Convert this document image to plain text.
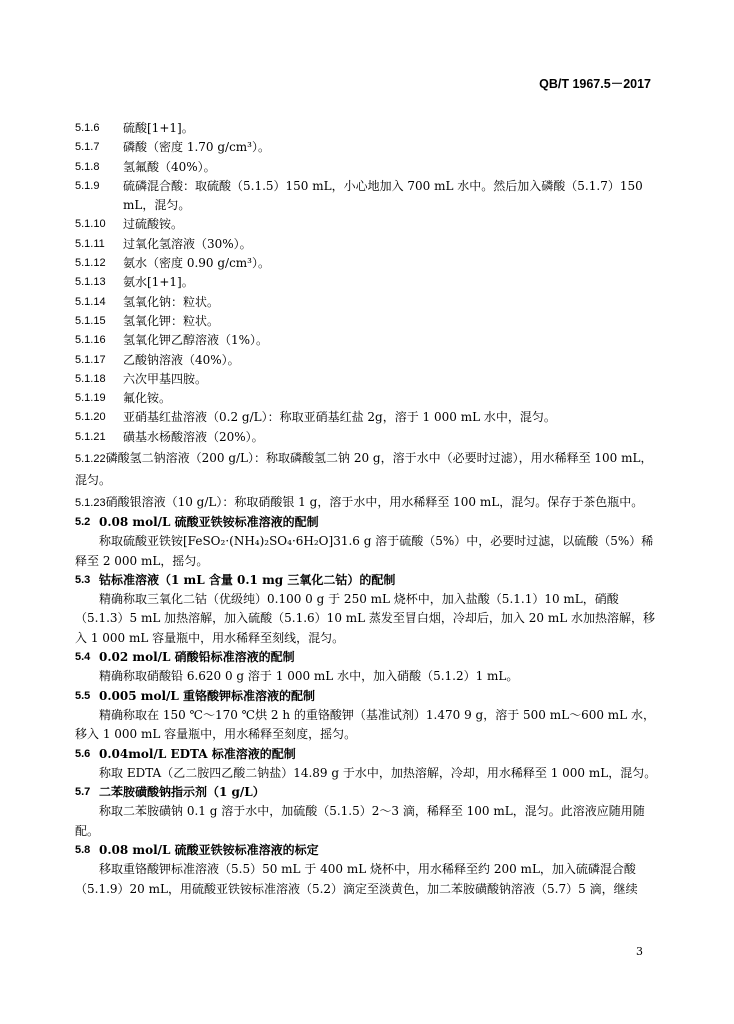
QB/T 1967.5－2017
5.1.6	硫酸[1+1]。
5.1.7	磷酸（密度 1.70 g/cm³）。
5.1.8	氢氟酸（40%）。
5.1.9	硫磷混合酸：取硫酸（5.1.5）150 mL，小心地加入 700 mL 水中。然后加入磷酸（5.1.7）150 mL，混匀。
5.1.10	过硫酸铵。
5.1.11	过氧化氢溶液（30%）。
5.1.12	氨水（密度 0.90 g/cm³）。
5.1.13	氨水[1+1]。
5.1.14	氢氧化钠：粒状。
5.1.15	氢氧化钾：粒状。
5.1.16	氢氧化钾乙醇溶液（1%）。
5.1.17	乙酸钠溶液（40%）。
5.1.18	六次甲基四胺。
5.1.19	氟化铵。
5.1.20	亚硝基红盐溶液（0.2 g/L）：称取亚硝基红盐 2g，溶于 1 000 mL 水中，混匀。
5.1.21	磺基水杨酸溶液（20%）。
5.1.22磷酸氢二钠溶液（200 g/L）：称取磷酸氢二钠 20 g，溶于水中（必要时过滤），用水稀释至 100 mL，混匀。
5.1.23硝酸银溶液（10 g/L）：称取硝酸银 1 g，溶于水中，用水稀释至 100 mL，混匀。保存于茶色瓶中。
5.2 0.08 mol/L 硫酸亚铁铵标准溶液的配制
称取硫酸亚铁铵[FeSO₂·(NH₄)₂SO₄·6H₂O]31.6 g 溶于硫酸（5%）中，必要时过滤，以硫酸（5%）稀释至 2 000 mL，摇匀。
5.3 钴标准溶液（1 mL 含量 0.1 mg 三氧化二钴）的配制
精确称取三氧化二钴（优级纯）0.100 0 g 于 250 mL 烧杯中，加入盐酸（5.1.1）10 mL，硝酸（5.1.3）5 mL 加热溶解，加入硫酸（5.1.6）10 mL 蒸发至冒白烟，冷却后，加入 20 mL 水加热溶解，移入 1 000 mL 容量瓶中，用水稀释至刻线，混匀。
5.4 0.02 mol/L 硝酸铅标准溶液的配制
精确称取硝酸铅 6.620 0 g 溶于 1 000 mL 水中，加入硝酸（5.1.2）1 mL。
5.5 0.005 mol/L 重铬酸钾标准溶液的配制
精确称取在 150 ℃～170 ℃烘 2 h 的重铬酸钾（基准试剂）1.470 9 g，溶于 500 mL～600 mL 水，移入 1 000 mL 容量瓶中，用水稀释至刻度，摇匀。
5.6 0.04mol/L EDTA 标准溶液的配制
称取 EDTA（乙二胺四乙酸二钠盐）14.89 g 于水中，加热溶解，冷却，用水稀释至 1 000 mL，混匀。
5.7 二苯胺磺酸钠指示剂（1 g/L）
称取二苯胺磺钠 0.1 g 溶于水中，加硫酸（5.1.5）2～3 滴，稀释至 100 mL，混匀。此溶液应随用随配。
5.8 0.08 mol/L 硫酸亚铁铵标准溶液的标定
移取重铬酸钾标准溶液（5.5）50 mL 于 400 mL 烧杯中，用水稀释至约 200 mL，加入硫磷混合酸（5.1.9）20 mL，用硫酸亚铁铵标准溶液（5.2）滴定至淡黄色，加二苯胺磺酸钠溶液（5.7）5 滴，继续
3
